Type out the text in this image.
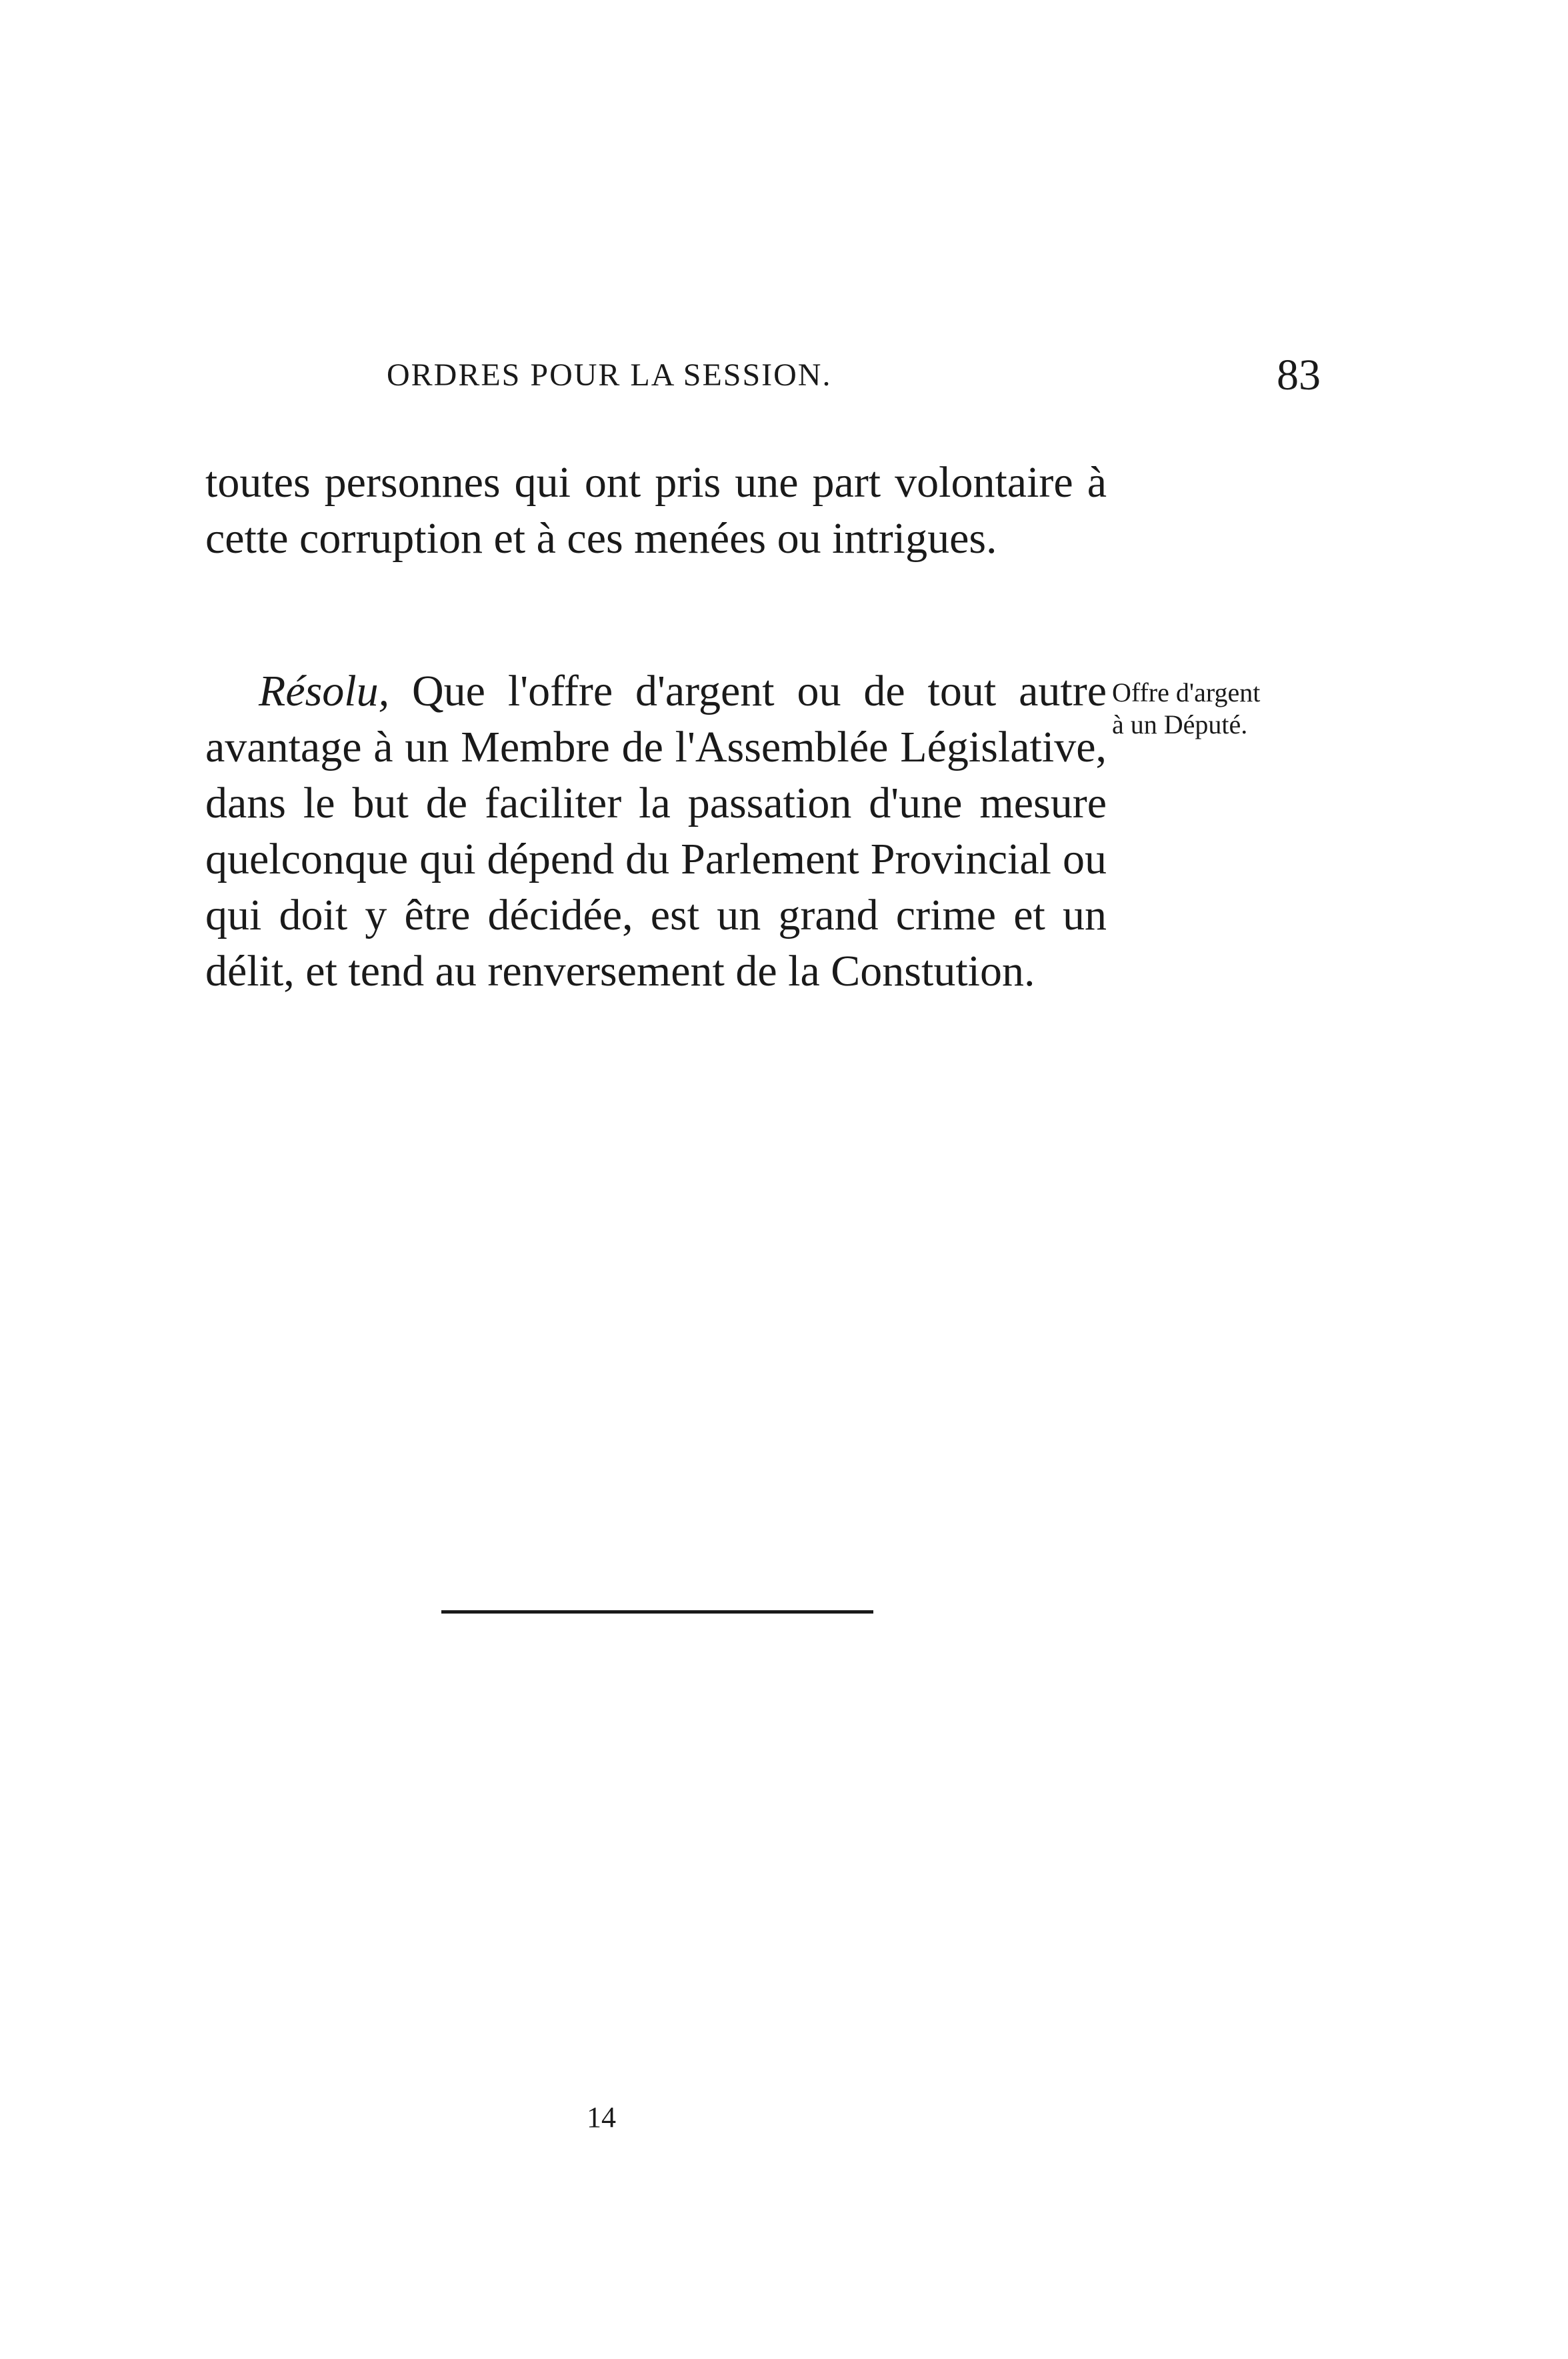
ORDRES POUR LA SESSION.	83

toutes personnes qui ont pris une part volontaire à cette corruption et à ces menées ou intrigues.

Résolu, Que l'offre d'argent ou de tout autre avantage à un Membre de l'Assemblée Législative, dans le but de faciliter la passation d'une mesure quelconque qui dépend du Parlement Provincial ou qui doit y être décidée, est un grand crime et un délit, et tend au renversement de la Constution.

Offre d'argent
à un Député.
14
